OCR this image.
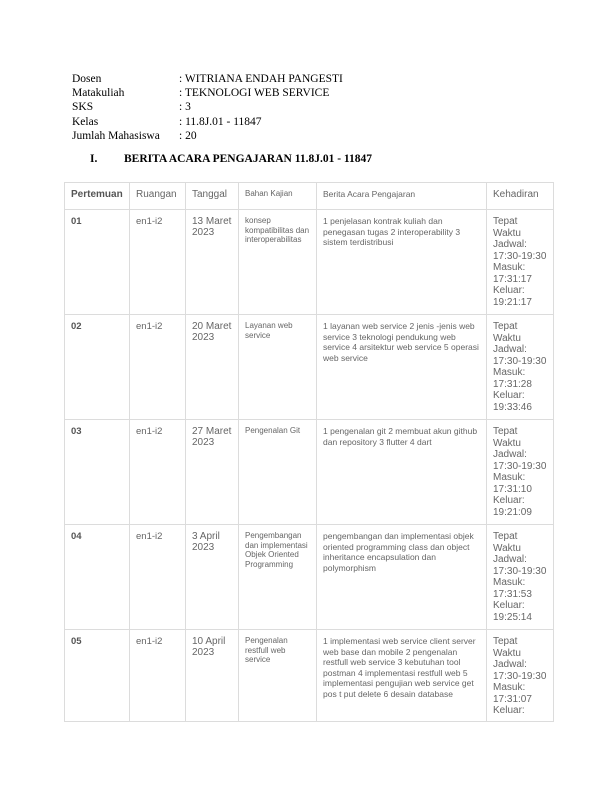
Dosen	: WITRIANA ENDAH PANGESTI
Matakuliah	: TEKNOLOGI WEB SERVICE
SKS	: 3
Kelas	: 11.8J.01 - 11847
Jumlah Mahasiswa	: 20
I.	BERITA ACARA PENGAJARAN 11.8J.01 - 11847
Pertemuan	Ruangan	Tanggal	Bahan Kajian	Berita Acara Pengajaran	Kehadiran
01	en1-i2	13 Maret 2023	konsep kompatibilitas dan interoperabilitas	1 penjelasan kontrak kuliah dan penegasan tugas 2 interoperability 3 sistem terdistribusi	Tepat Waktu Jadwal: 17:30-19:30 Masuk: 17:31:17 Keluar: 19:21:17
02	en1-i2	20 Maret 2023	Layanan web service	1 layanan web service 2 jenis -jenis web service 3 teknologi pendukung web service 4 arsitektur web service 5 operasi web service	Tepat Waktu Jadwal: 17:30-19:30 Masuk: 17:31:28 Keluar: 19:33:46
03	en1-i2	27 Maret 2023	Pengenalan Git	1 pengenalan git 2 membuat akun github dan repository 3 flutter 4 dart	Tepat Waktu Jadwal: 17:30-19:30 Masuk: 17:31:10 Keluar: 19:21:09
04	en1-i2	3 April 2023	Pengembangan dan implementasi Objek Oriented Programming	pengembangan dan implementasi objek oriented programming class dan object inheritance encapsulation dan polymorphism	Tepat Waktu Jadwal: 17:30-19:30 Masuk: 17:31:53 Keluar: 19:25:14
05	en1-i2	10 April 2023	Pengenalan restfull web service	1 implementasi web service client server web base dan mobile 2 pengenalan restfull web service 3 kebutuhan tool postman 4 implementasi restfull web 5 implementasi pengujian web service get pos t put delete 6 desain database	Tepat Waktu Jadwal: 17:30-19:30 Masuk: 17:31:07 Keluar:
